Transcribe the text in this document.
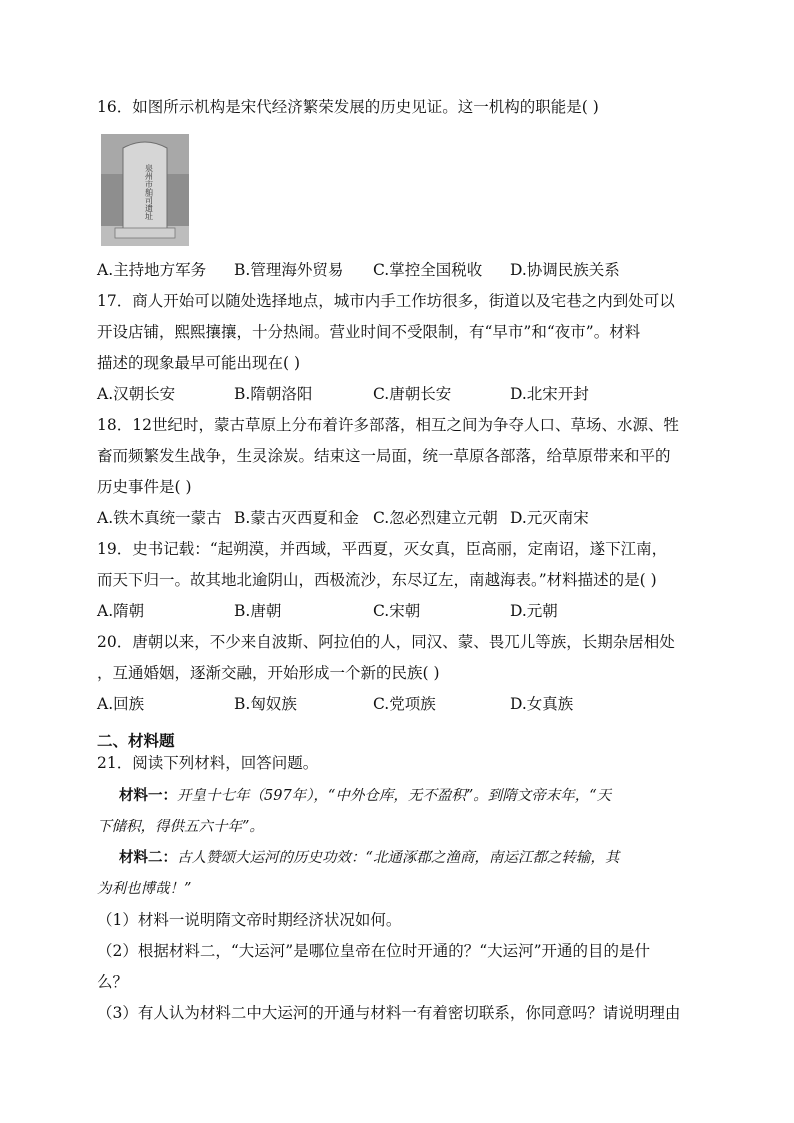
16．如图所示机构是宋代经济繁荣发展的历史见证。这一机构的职能是( )
泉州市舶司遗址
A.主持地方军务 B.管理海外贸易 C.掌控全国税收 D.协调民族关系
17．商人开始可以随处选择地点，城市内手工作坊很多，街道以及宅巷之内到处可以
开设店铺，熙熙攘攘，十分热闹。营业时间不受限制，有“早市”和“夜市”。材料
描述的现象最早可能出现在( )
A.汉朝长安	B.隋朝洛阳	C.唐朝长安	D.北宋开封
18．12世纪时，蒙古草原上分布着许多部落，相互之间为争夺人口、草场、水源、牲
畜而频繁发生战争，生灵涂炭。结束这一局面，统一草原各部落，给草原带来和平的
历史事件是( )
A.铁木真统一蒙古 B.蒙古灭西夏和金 C.忽必烈建立元朝 D.元灭南宋
19．史书记载：“起朔漠，并西域，平西夏，灭女真，臣高丽，定南诏，遂下江南，
而天下归一。故其地北逾阴山，西极流沙，东尽辽左，南越海表。”材料描述的是( )
A.隋朝	B.唐朝	C.宋朝	D.元朝
20．唐朝以来，不少来自波斯、阿拉伯的人，同汉、蒙、畏兀儿等族，长期杂居相处
，互通婚姻，逐渐交融，开始形成一个新的民族( )
A.回族	B.匈奴族	C.党项族	D.女真族
二、材料题
21．阅读下列材料，回答问题。
材料一：开皇十七年（597年），“中外仓库，无不盈积”。到隋文帝末年，“天
下储积，得供五六十年”。
材料二：古人赞颂大运河的历史功效：“北通涿郡之渔商，南运江都之转输，其
为利也博哉！”
（1）材料一说明隋文帝时期经济状况如何。
（2）根据材料二，“大运河”是哪位皇帝在位时开通的？“大运河”开通的目的是什
么？
（3）有人认为材料二中大运河的开通与材料一有着密切联系，你同意吗？请说明理由
